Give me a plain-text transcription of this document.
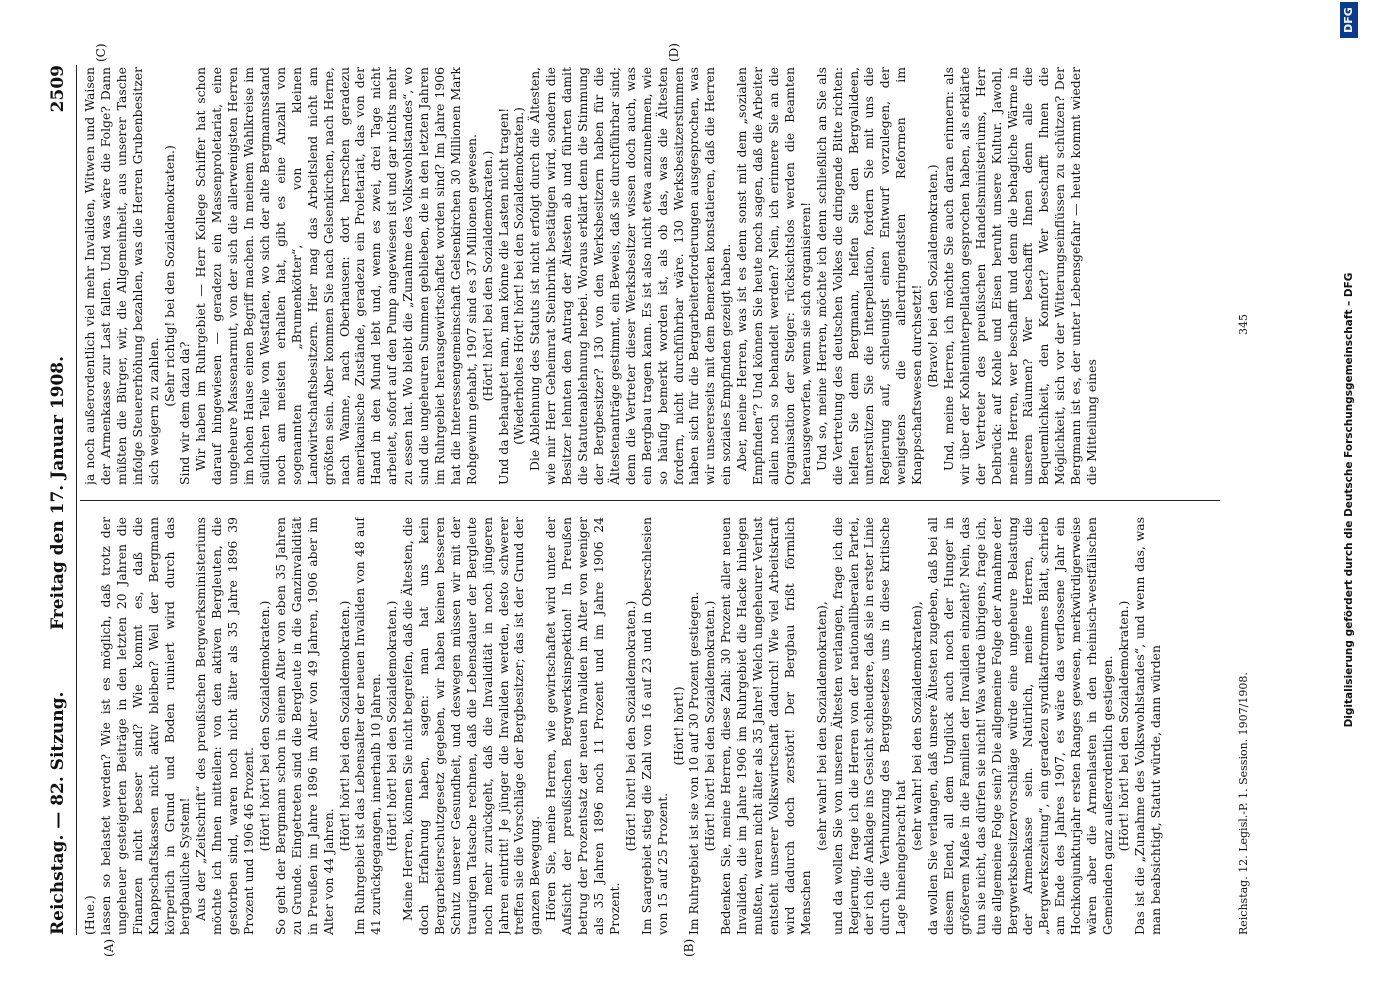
Reichstag. — 82. Sitzung.
Freitag den 17. Januar 1908.
2509
(A)	(B)
(C)	(D)

(Hue.) lassen so belastet werden? Wie ist es möglich, daß trotz der ungeheuer gesteigerten Beiträge in den letzten 20 Jahren die Finanzen nicht besser sind? Wie kommt es, daß die Knappschaftskassen nicht aktiv bleiben? Weil der Bergmann körperlich in Grund und Boden ruiniert wird durch das bergbauliche System! Aus der „Zeitschrift“ des preußischen Bergwerksministeriums möchte ich Ihnen mitteilen: von den aktiven Bergleuten, die gestorben sind, waren noch nicht älter als 35 Jahre 1896 39 Prozent und 1906 46 Prozent. (Hört! hört! bei den Sozialdemokraten.) So geht der Bergmann schon in einem Alter von eben 35 Jahren zu Grunde. Eingetreten sind die Bergleute in die Ganzinvalidität in Preußen im Jahre 1896 im Alter von 49 Jahren, 1906 aber im Alter von 44 Jahren.

(Hört! hört! bei den Sozialdemokraten.) Im Ruhrgebiet ist das Lebensalter der neuen Invaliden von 48 auf 41 zurückgegangen, innerhalb 10 Jahren. (Hört! hört! bei den Sozialdemokraten.) Meine Herren, können Sie nicht begreifen, daß die Ältesten, die doch Erfahrung haben, sagen: man hat uns kein Bergarbeiterschutzgesetz gegeben, wir haben keinen besseren Schutz unserer Gesundheit, und deswegen müssen wir mit der traurigen Tatsache rechnen, daß die Lebensdauer der Bergleute noch mehr zurückgeht, daß die Invalidität in noch jüngeren Jahren eintritt! Je jünger die Invaliden werden, desto schwerer treffen sie die Vorschläge der Bergbesitzer; das ist der Grund der ganzen Bewegung. Hören Sie, meine Herren, wie gewirtschaftet wird unter der Aufsicht der preußischen Bergwerksinspektion! In Preußen betrug der Prozentsatz der neuen Invaliden im Alter von weniger als 35 Jahren 1896 noch 11 Prozent und im Jahre 1906 24 Prozent.

(Hört! hört! bei den Sozialdemokraten.) Im Saargebiet stieg die Zahl von 16 auf 23 und in Oberschlesien von 15 auf 25 Prozent.

(Hört! hört!) Im Ruhrgebiet ist sie von 10 auf 30 Prozent gestiegen. (Hört! hört! bei den Sozialdemokraten.) Bedenken Sie, meine Herren, diese Zahl: 30 Prozent aller neuen Invaliden, die im Jahre 1906 im Ruhrgebiet die Hacke hinlegen mußten, waren nicht älter als 35 Jahre! Welch ungeheurer Verlust entsteht unserer Volkswirtschaft dadurch! Wie viel Arbeitskraft wird dadurch doch zerstört! Der Bergbau frißt förmlich Menschen

(sehr wahr! bei den Sozialdemokraten), und da wollen Sie von unseren Ältesten verlangen, frage ich die Regierung, frage ich die Herren von der nationalliberalen Partei, der ich die Anklage ins Gesicht schleudere, daß sie in erster Linie durch die Verhunzung des Berggesetzes uns in diese kritische Lage hineingebracht hat

(sehr wahr! bei den Sozialdemokraten), da wollen Sie verlangen, daß unsere Ältesten zugeben, daß bei all diesem Elend, all dem Unglück auch noch der Hunger in größerem Maße in die Familien der Invaliden einzieht? Nein, das tun sie nicht, das dürfen sie nicht! Was würde übrigens, frage ich, die allgemeine Folge sein? Die allgemeine Folge der Annahme der Bergwerksbesitzervorschläge würde eine ungeheure Belastung der Armenkasse sein. Natürlich, meine Herren, die „Bergwerkszeitung“, ein geradezu syndikatfrommes Blatt, schrieb am Ende des Jahres 1907, es wäre das verflossene Jahr ein Hochkonjunkturjahr ersten Ranges gewesen, merkwürdigerweise wären aber die Armenlasten in den rheinisch-westfälischen Gemeinden ganz außerordentlich gestiegen. (Hört! hört! bei den Sozialdemokraten.) Das ist die „Zunahme des Volkswohlstandes“, und wenn das, was man beabsichtigt, Statut würde, dann würden

ja noch außerordentlich viel mehr Invaliden, Witwen und Waisen der Armenkasse zur Last fallen. Und was wäre die Folge? Dann müßten die Bürger, wir, die Allgemeinheit, aus unserer Tasche infolge Steuererhöhung bezahlen, was die Herren Grubenbesitzer sich weigern zu zahlen.

(Sehr richtig! bei den Sozialdemokraten.)

Sind wir dem dazu da? Wir haben im Ruhrgebiet — Herr Kollege Schiffer hat schon darauf hingewiesen — geradezu ein Massenproletariat, eine ungeheure Massenarmut, von der sich die allerwenigsten Herren im hohen Hause einen Begriff machen. In meinem Wahlkreise im südlichen Teile von Westfalen, wo sich der alte Bergmannsstand noch am meisten erhalten hat, gibt es eine Anzahl von sogenannten „Brumenkötter“, von kleinen Landwirtschaftsbesitzern. Hier mag das Arbeitslend nicht am größten sein. Aber kommen Sie nach Gelsenkirchen, nach Herne, nach Wanne, nach Oberhausen: dort herrschen geradezu amerikanische Zustände, geradezu ein Proletariat, das von der Hand in den Mund lebt und, wenn es zwei, drei Tage nicht arbeitet, sofort auf den Pump angewiesen ist und gar nichts mehr zu essen hat. Wo bleibt die „Zunahme des Volkswohlstandes“, wo sind die ungeheuren Summen geblieben, die in den letzten Jahren im Ruhrgebiet herausgewirtschaftet worden sind? Im Jahre 1906 hat die Interessengemeinschaft Gelsenkirchen 30 Millionen Mark Rohgewinn gehabt, 1907 sind es 37 Millionen gewesen. (Hört! hört! bei den Sozialdemokraten.) Und da behauptet man, man könne die Lasten nicht tragen! (Wiederholtes Hört! hört! bei den Sozialdemokraten.) Die Ablehnung des Statuts ist nicht erfolgt durch die Ältesten, wie mir Herr Geheimrat Steinbrink bestätigen wird, sondern die Besitzer lehnten den Antrag der Ältesten ab und führten damit die Statutenablehnung herbei. Woraus erklärt denn die Stimmung der Bergbesitzer? 130 von den Werksbesitzern haben für die Ältestenanträge gestimmt, ein Beweis, daß sie durchführbar sind; denn die Vertreter dieser Werksbesitzer wissen doch auch, was ein Bergbau tragen kann. Es ist also nicht etwa anzunehmen, wie so häufig bemerkt worden ist, als ob das, was die Ältesten fordern, nicht durchführbar wäre. 130 Werksbesitzerstimmen haben sich für die Bergarbeiterforderungen ausgesprochen, was wir unsererseits mit dem Bemerken konstatieren, daß die Herren ein soziales Empfinden gezeigt haben. Aber, meine Herren, was ist es denn sonst mit dem „sozialen Empfinden“? Und können Sie heute noch sagen, daß die Arbeiter allein noch so behandelt werden? Nein, ich erinnere Sie an die Organisation der Steiger: rücksichtslos werden die Beamten herausgeworfen, wenn sie sich organisieren! Und so, meine Herren, möchte ich denn schließlich an Sie als die Vertretung des deutschen Volkes die dringende Bitte richten: helfen Sie dem Bergmann, helfen Sie den Bergvalideen, unterstützen Sie die Interpellation, fordern Sie mit uns die Regierung auf, schleunigst einen Entwurf vorzulegen, der wenigstens die allerdringendsten Reformen im Knappschaftswesen durchsetzt! (Bravo! bei den Sozialdemokraten.) Und, meine Herren, ich möchte Sie auch daran erinnern: als wir über der Kohleninterpellation gesprochen haben, als erklärte der Vertreter des preußischen Handelsministeriums, Herr Delbrück: auf Kohle und Eisen beruht unsere Kultur. Jawohl, meine Herren, wer beschafft und denn die behagliche Wärme in unseren Räumen? Wer beschafft Ihnen denn alle die Bequemlichkeit, den Komfort? Wer beschafft Ihnen die Möglichkeit, sich vor der Witterungseinflüssen zu schützen? Der Bergmann ist es, der unter Lebensgefahr — heute kommt wieder die Mitteilung eines

Reichstag. 12. Legisl.-P. 1. Session. 1907/1908.
345	Digitalisierung gefördert durch die Deutsche Forschungsgemeinschaft – DFG
DFG
